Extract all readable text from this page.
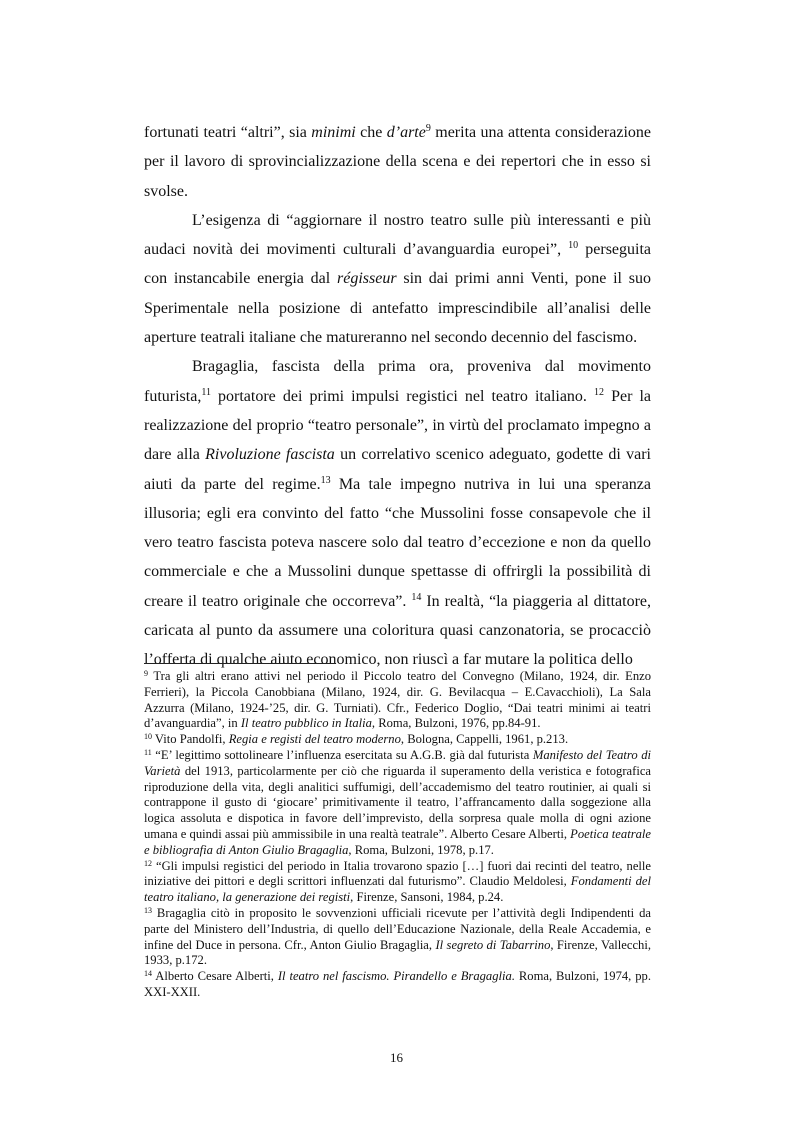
fortunati teatri “altri”, sia minimi che d’arte$^9$ merita una attenta considerazione per il lavoro di sprovincializzazione della scena e dei repertori che in esso si svolse.

L’esigenza di “aggiornare il nostro teatro sulle più interessanti e più audaci novità dei movimenti culturali d’avanguardia europei”, $^{10}$ perseguita con instancabile energia dal régisseur sin dai primi anni Venti, pone il suo Sperimentale nella posizione di antefatto imprescindibile all’analisi delle aperture teatrali italiane che matureranno nel secondo decennio del fascismo.

Bragaglia, fascista della prima ora, proveniva dal movimento futurista,$^{11}$ portatore dei primi impulsi registici nel teatro italiano. $^{12}$ Per la realizzazione del proprio “teatro personale”, in virtù del proclamato impegno a dare alla Rivoluzione fascista un correlativo scenico adeguato, godette di vari aiuti da parte del regime.$^{13}$ Ma tale impegno nutriva in lui una speranza illusoria; egli era convinto del fatto “che Mussolini fosse consapevole che il vero teatro fascista poteva nascere solo dal teatro d’eccezione e non da quello commerciale e che a Mussolini dunque spettasse di offrirgli la possibilità di creare il teatro originale che occorreva”. $^{14}$ In realtà, “la piaggeria al dittatore, caricata al punto da assumere una coloritura quasi canzonatoria, se procacciò l’offerta di qualche aiuto economico, non riuscì a far mutare la politica dello

$^9$ Tra gli altri erano attivi nel periodo il Piccolo teatro del Convegno (Milano, 1924, dir. Enzo Ferrieri), la Piccola Canobbiana (Milano, 1924, dir. G. Bevilacqua – E.Cavacchioli), La Sala Azzurra (Milano, 1924-’25, dir. G. Turniati). Cfr., Federico Doglio, “Dai teatri minimi ai teatri d’avanguardia”, in Il teatro pubblico in Italia, Roma, Bulzoni, 1976, pp.84-91.

$^{10}$ Vito Pandolfi, Regia e registi del teatro moderno, Bologna, Cappelli, 1961, p.213.

$^{11}$ “E’ legittimo sottolineare l’influenza esercitata su A.G.B. già dal futurista Manifesto del Teatro di Varietà del 1913, particolarmente per ciò che riguarda il superamento della veristica e fotografica riproduzione della vita, degli analitici suffumigi, dell’accademismo del teatro routinier, ai quali si contrappone il gusto di ‘giocare’ primitivamente il teatro, l’affrancamento dalla soggezione alla logica assoluta e dispotica in favore dell’imprevisto, della sorpresa quale molla di ogni azione umana e quindi assai più ammissibile in una realtà teatrale”. Alberto Cesare Alberti, Poetica teatrale e bibliografia di Anton Giulio Bragaglia, Roma, Bulzoni, 1978, p.17.

$^{12}$ “Gli impulsi registici del periodo in Italia trovarono spazio […] fuori dai recinti del teatro, nelle iniziative dei pittori e degli scrittori influenzati dal futurismo”. Claudio Meldolesi, Fondamenti del teatro italiano, la generazione dei registi, Firenze, Sansoni, 1984, p.24.

$^{13}$ Bragaglia citò in proposito le sovvenzioni ufficiali ricevute per l’attività degli Indipendenti da parte del Ministero dell’Industria, di quello dell’Educazione Nazionale, della Reale Accademia, e infine del Duce in persona. Cfr., Anton Giulio Bragaglia, Il segreto di Tabarrino, Firenze, Vallecchi, 1933, p.172.

$^{14}$ Alberto Cesare Alberti, Il teatro nel fascismo. Pirandello e Bragaglia. Roma, Bulzoni, 1974, pp. XXI-XXII.

16
